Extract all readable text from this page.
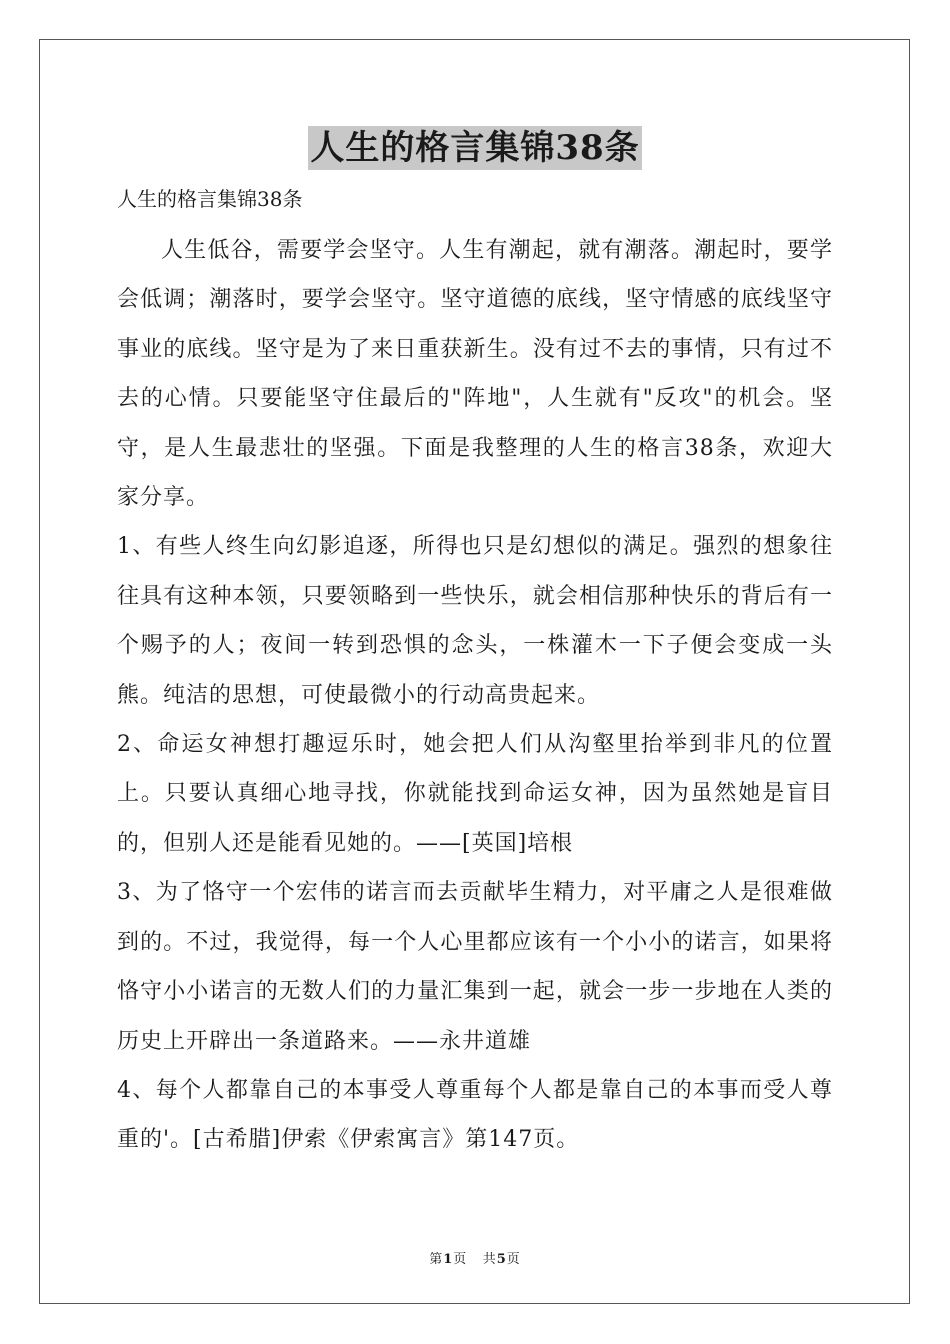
人生的格言集锦38条

人生的格言集锦38条

人生低谷，需要学会坚守。人生有潮起，就有潮落。潮起时，要学会低调；潮落时，要学会坚守。坚守道德的底线，坚守情感的底线坚守事业的底线。坚守是为了来日重获新生。没有过不去的事情，只有过不去的心情。只要能坚守住最后的"阵地"，人生就有"反攻"的机会。坚守，是人生最悲壮的坚强。下面是我整理的人生的格言38条，欢迎大家分享。

1、有些人终生向幻影追逐，所得也只是幻想似的满足。强烈的想象往往具有这种本领，只要领略到一些快乐，就会相信那种快乐的背后有一个赐予的人；夜间一转到恐惧的念头，一株灌木一下子便会变成一头熊。纯洁的思想，可使最微小的行动高贵起来。

2、命运女神想打趣逗乐时，她会把人们从沟壑里抬举到非凡的位置上。只要认真细心地寻找，你就能找到命运女神，因为虽然她是盲目的，但别人还是能看见她的。——[英国]培根

3、为了恪守一个宏伟的诺言而去贡献毕生精力，对平庸之人是很难做到的。不过，我觉得，每一个人心里都应该有一个小小的诺言，如果将恪守小小诺言的无数人们的力量汇集到一起，就会一步一步地在人类的历史上开辟出一条道路来。——永井道雄

4、每个人都靠自己的本事受人尊重每个人都是靠自己的本事而受人尊重的'。[古希腊]伊索《伊索寓言》第147页。

第1页 共5页
